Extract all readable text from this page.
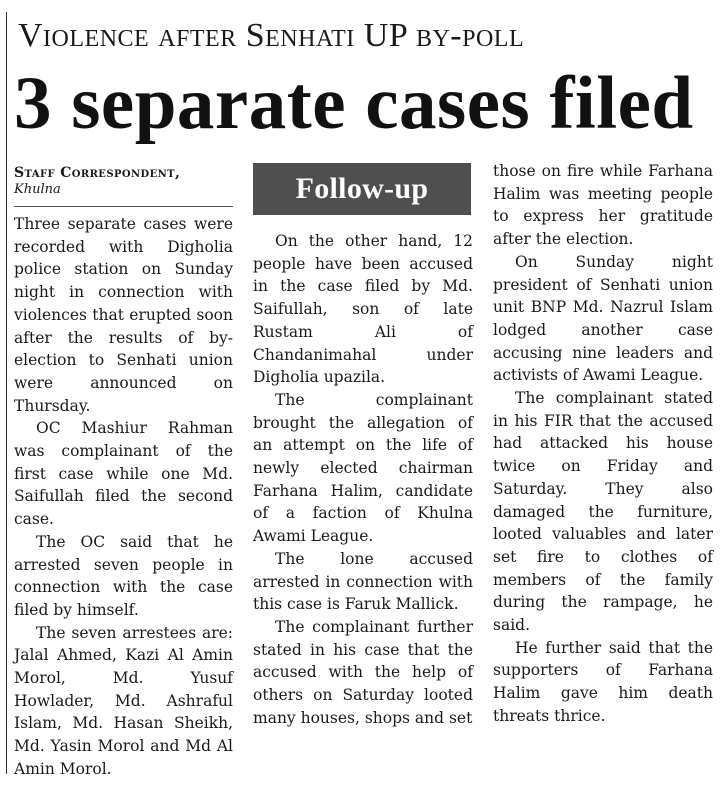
Violence after Senhati UP by-poll
3 separate cases filed
Staff Correspondent,
Khulna

Three separate cases were recorded with Digholia police station on Sunday night in connection with violences that erupted soon after the results of by-election to Senhati union were announced on Thursday.

OC Mashiur Rahman was complainant of the first case while one Md. Saifullah filed the second case.

The OC said that he arrested seven people in connection with the case filed by himself.

The seven arrestees are: Jalal Ahmed, Kazi Al Amin Morol, Md. Yusuf Howlader, Md. Ashraful Islam, Md. Hasan Sheikh, Md. Yasin Morol and Md Al Amin Morol.

Follow-up

On the other hand, 12 people have been accused in the case filed by Md. Saifullah, son of late Rustam Ali of Chandanimahal under Digholia upazila.

The complainant brought the allegation of an attempt on the life of newly elected chairman Farhana Halim, candidate of a faction of Khulna Awami League.

The lone accused arrested in connection with this case is Faruk Mallick.

The complainant further stated in his case that the accused with the help of others on Saturday looted many houses, shops and set

those on fire while Farhana Halim was meeting people to express her gratitude after the election.

On Sunday night president of Senhati union unit BNP Md. Nazrul Islam lodged another case accusing nine leaders and activists of Awami League.

The complainant stated in his FIR that the accused had attacked his house twice on Friday and Saturday. They also damaged the furniture, looted valuables and later set fire to clothes of members of the family during the rampage, he said.

He further said that the supporters of Farhana Halim gave him death threats thrice.
